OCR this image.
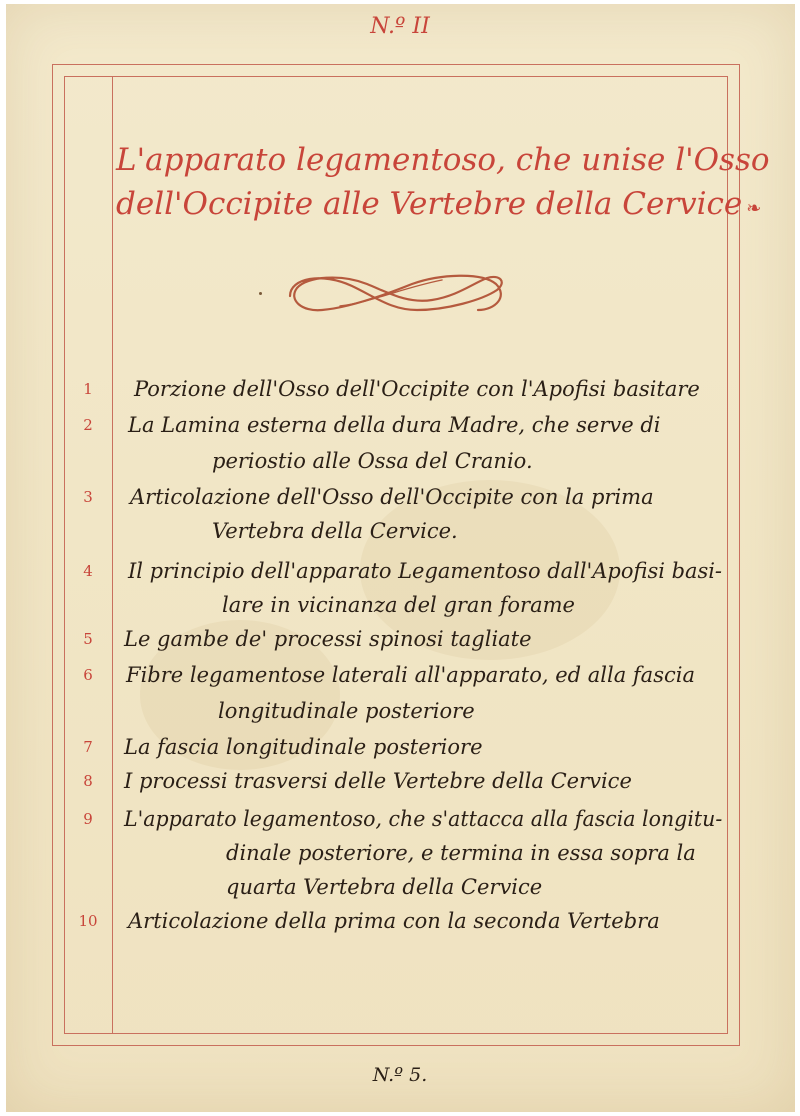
N.º II
L'apparato legamentoso, che unise l'Osso
dell'Occipite alle Vertebre della Cervice ❧
1	Porzione dell'Osso dell'Occipite con l'Apofisi basitare
2	La Lamina esterna della dura Madre, che serve di
periostio alle Ossa del Cranio.
3	Articolazione dell'Osso dell'Occipite con la prima
Vertebra della Cervice.
4	Il principio dell'apparato Legamentoso dall'Apofisi basi-
lare in vicinanza del gran forame
5	Le gambe de' processi spinosi tagliate
6	Fibre legamentose laterali all'apparato, ed alla fascia
longitudinale posteriore
7	La fascia longitudinale posteriore
8	I processi trasversi delle Vertebre della Cervice
9	L'apparato legamentoso, che s'attacca alla fascia longitu-
dinale posteriore, e termina in essa sopra la
quarta Vertebra della Cervice
10	Articolazione della prima con la seconda Vertebra
N.º 5.
